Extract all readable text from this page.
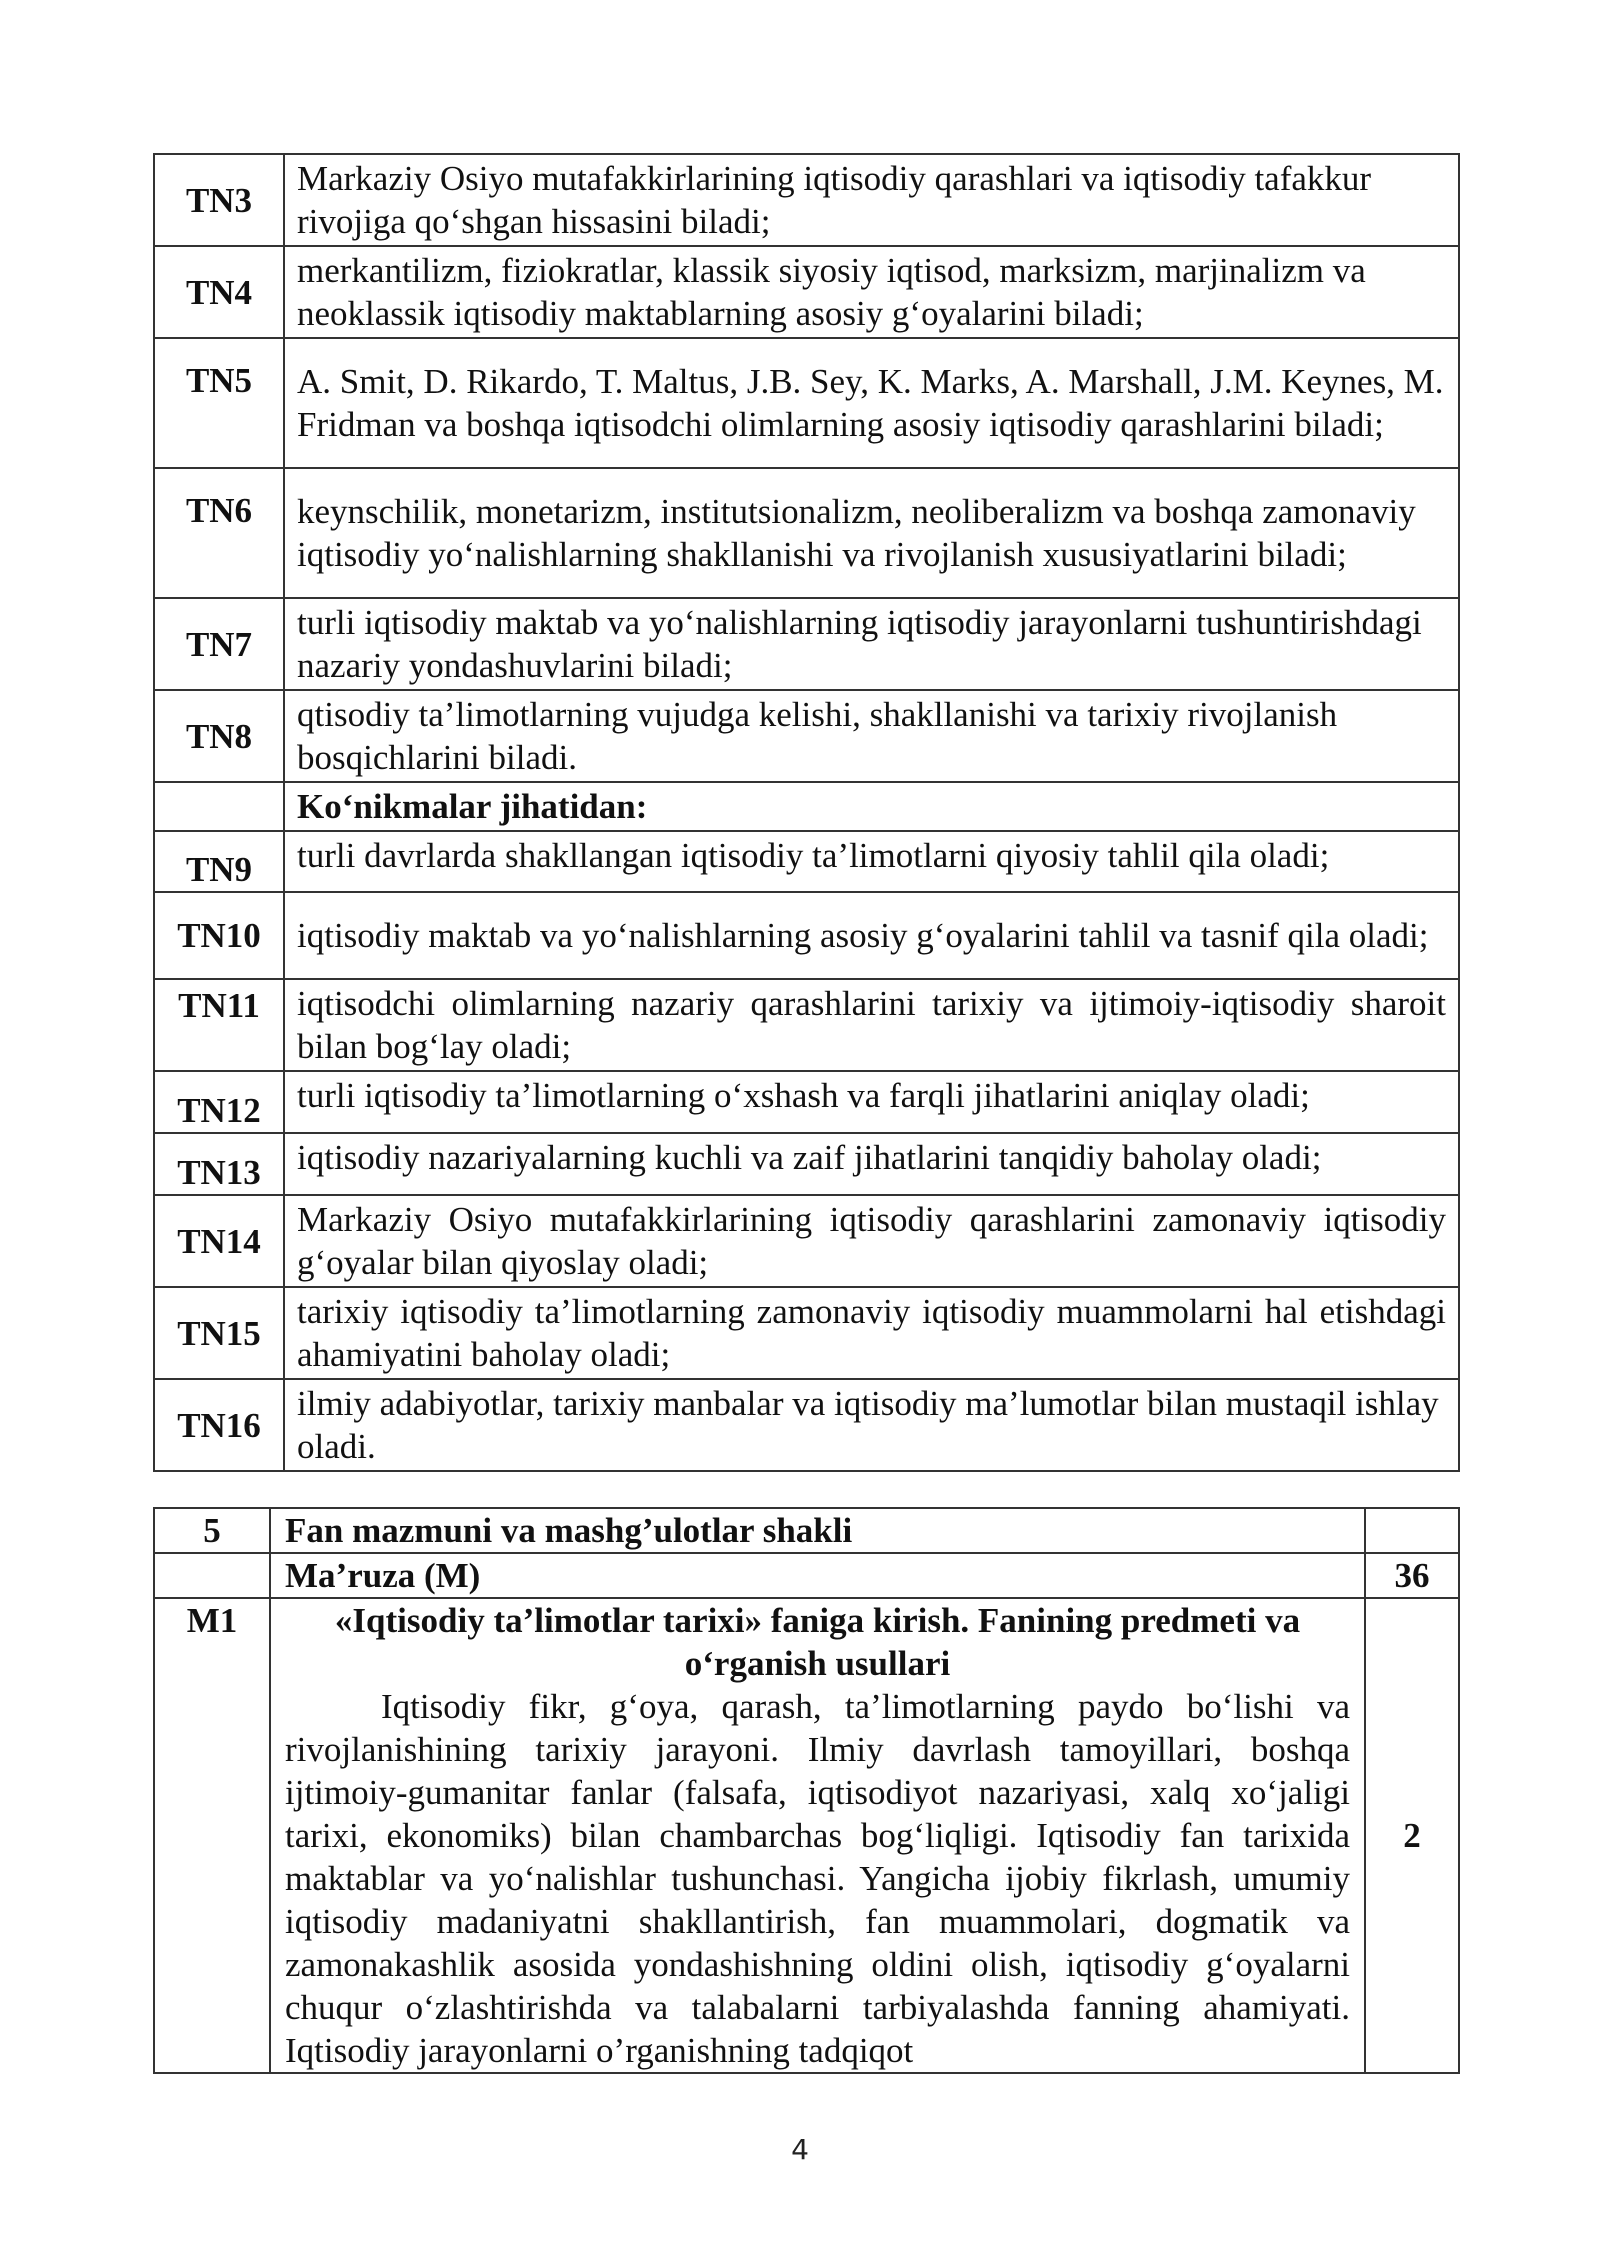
TN3	Markaziy Osiyo mutafakkirlarining iqtisodiy qarashlari va iqtisodiy tafakkur rivojiga qo‘shgan hissasini biladi;
TN4	merkantilizm, fiziokratlar, klassik siyosiy iqtisod, marksizm, marjinalizm va neoklassik iqtisodiy maktablarning asosiy g‘oyalarini biladi;
TN5	A. Smit, D. Rikardo, T. Maltus, J.B. Sey, K. Marks, A. Marshall, J.M. Keynes, M. Fridman va boshqa iqtisodchi olimlarning asosiy iqtisodiy qarashlarini biladi;
TN6	keynschilik, monetarizm, institutsionalizm, neoliberalizm va boshqa zamonaviy iqtisodiy yo‘nalishlarning shakllanishi va rivojlanish xususiyatlarini biladi;
TN7	turli iqtisodiy maktab va yo‘nalishlarning iqtisodiy jarayonlarni tushuntirishdagi nazariy yondashuvlarini biladi;
TN8	qtisodiy ta’limotlarning vujudga kelishi, shakllanishi va tarixiy rivojlanish bosqichlarini biladi.
	Ko‘nikmalar jihatidan:
TN9	turli davrlarda shakllangan iqtisodiy ta’limotlarni qiyosiy tahlil qila oladi;
TN10	iqtisodiy maktab va yo‘nalishlarning asosiy g‘oyalarini tahlil va tasnif qila oladi;
TN11	iqtisodchi olimlarning nazariy qarashlarini tarixiy va ijtimoiy-iqtisodiy sharoit bilan bog‘lay oladi;
TN12	turli iqtisodiy ta’limotlarning o‘xshash va farqli jihatlarini aniqlay oladi;
TN13	iqtisodiy nazariyalarning kuchli va zaif jihatlarini tanqidiy baholay oladi;
TN14	Markaziy Osiyo mutafakkirlarining iqtisodiy qarashlarini zamonaviy iqtisodiy g‘oyalar bilan qiyoslay oladi;
TN15	tarixiy iqtisodiy ta’limotlarning zamonaviy iqtisodiy muammolarni hal etishdagi ahamiyatini baholay oladi;
TN16	ilmiy adabiyotlar, tarixiy manbalar va iqtisodiy ma’lumotlar bilan mustaqil ishlay oladi.
5	Fan mazmuni va mashg’ulotlar shakli	
	Ma’ruza (M)	36
M1	«Iqtisodiy ta’limotlar tarixi» faniga kirish. Fanining predmeti va o‘rganish usullari

Iqtisodiy fikr, g‘oya, qarash, ta’limotlarning paydo bo‘lishi va rivojlanishining tarixiy jarayoni. Ilmiy davrlash tamoyillari, boshqa ijtimoiy-gumanitar fanlar (falsafa, iqtisodiyot nazariyasi, xalq xo‘jaligi tarixi, ekonomiks) bilan chambarchas bog‘liqligi. Iqtisodiy fan tarixida maktablar va yo‘nalishlar tushunchasi. Yangicha ijobiy fikrlash, umumiy iqtisodiy madaniyatni shakllantirish, fan muammolari, dogmatik va zamonakashlik asosida yondashishning oldini olish, iqtisodiy g‘oyalarni chuqur o‘zlashtirishda va talabalarni tarbiyalashda fanning ahamiyati. Iqtisodiy jarayonlarni o’rganishning tadqiqot	2
4
